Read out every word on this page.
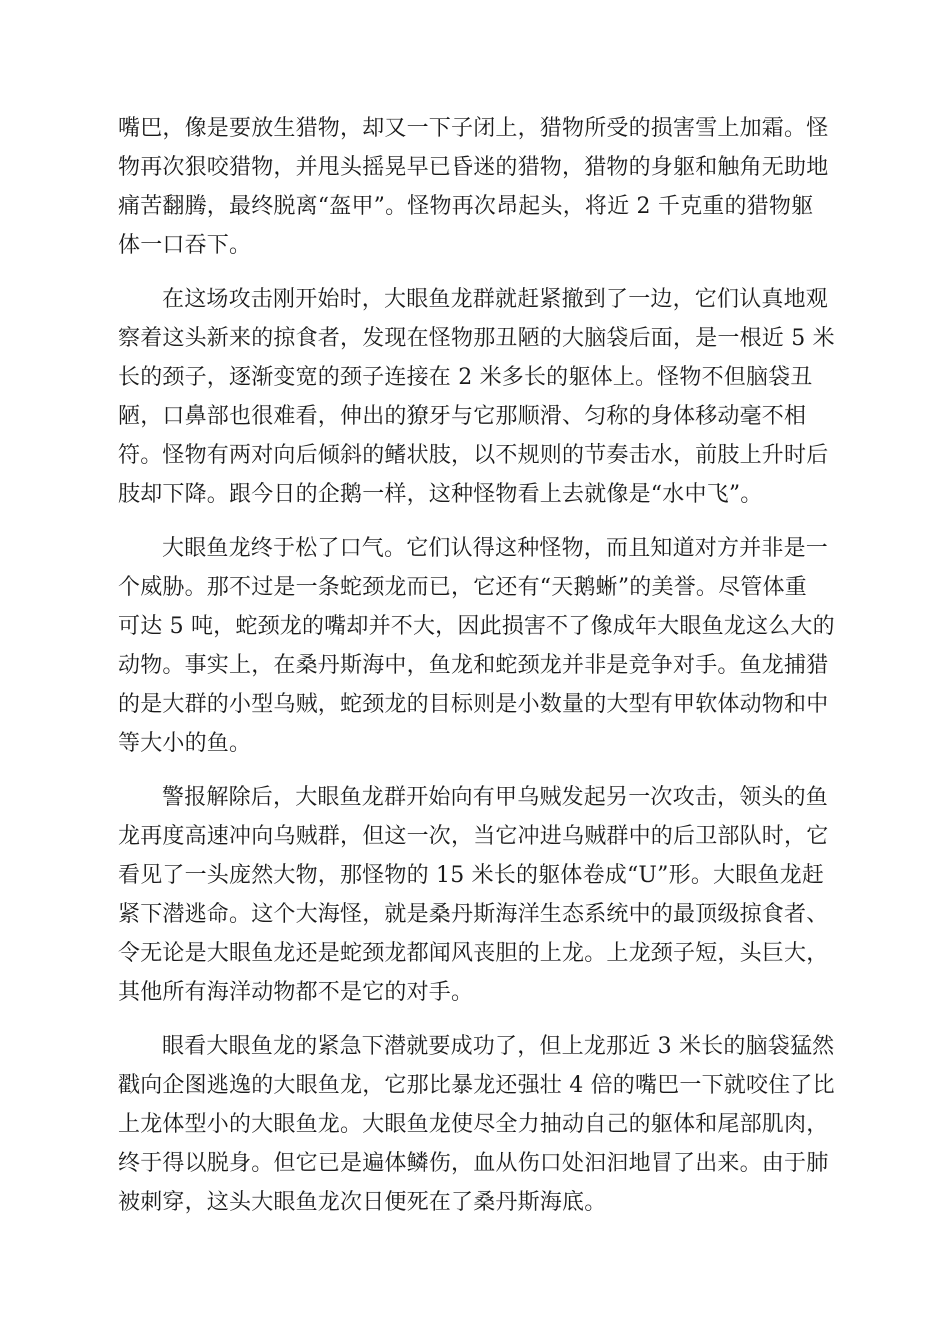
嘴巴，像是要放生猎物，却又一下子闭上，猎物所受的损害雪上加霜。怪
物再次狠咬猎物，并甩头摇晃早已昏迷的猎物，猎物的身躯和触角无助地
痛苦翻腾，最终脱离“盔甲”。怪物再次昂起头，将近 2 千克重的猎物躯
体一口吞下。
在这场攻击刚开始时，大眼鱼龙群就赶紧撤到了一边，它们认真地观
察着这头新来的掠食者，发现在怪物那丑陋的大脑袋后面，是一根近 5 米
长的颈子，逐渐变宽的颈子连接在 2 米多长的躯体上。怪物不但脑袋丑
陋，口鼻部也很难看，伸出的獠牙与它那顺滑、匀称的身体移动毫不相
符。怪物有两对向后倾斜的鳍状肢，以不规则的节奏击水，前肢上升时后
肢却下降。跟今日的企鹅一样，这种怪物看上去就像是“水中飞”。
大眼鱼龙终于松了口气。它们认得这种怪物，而且知道对方并非是一
个威胁。那不过是一条蛇颈龙而已，它还有“天鹅蜥”的美誉。尽管体重
可达 5 吨，蛇颈龙的嘴却并不大，因此损害不了像成年大眼鱼龙这么大的
动物。事实上，在桑丹斯海中，鱼龙和蛇颈龙并非是竞争对手。鱼龙捕猎
的是大群的小型乌贼，蛇颈龙的目标则是小数量的大型有甲软体动物和中
等大小的鱼。
警报解除后，大眼鱼龙群开始向有甲乌贼发起另一次攻击，领头的鱼
龙再度高速冲向乌贼群，但这一次，当它冲进乌贼群中的后卫部队时，它
看见了一头庞然大物，那怪物的 15 米长的躯体卷成“U”形。大眼鱼龙赶
紧下潜逃命。这个大海怪，就是桑丹斯海洋生态系统中的最顶级掠食者、
令无论是大眼鱼龙还是蛇颈龙都闻风丧胆的上龙。上龙颈子短，头巨大，
其他所有海洋动物都不是它的对手。
眼看大眼鱼龙的紧急下潜就要成功了，但上龙那近 3 米长的脑袋猛然
戳向企图逃逸的大眼鱼龙，它那比暴龙还强壮 4 倍的嘴巴一下就咬住了比
上龙体型小的大眼鱼龙。大眼鱼龙使尽全力抽动自己的躯体和尾部肌肉，
终于得以脱身。但它已是遍体鳞伤，血从伤口处汩汩地冒了出来。由于肺
被刺穿，这头大眼鱼龙次日便死在了桑丹斯海底。
